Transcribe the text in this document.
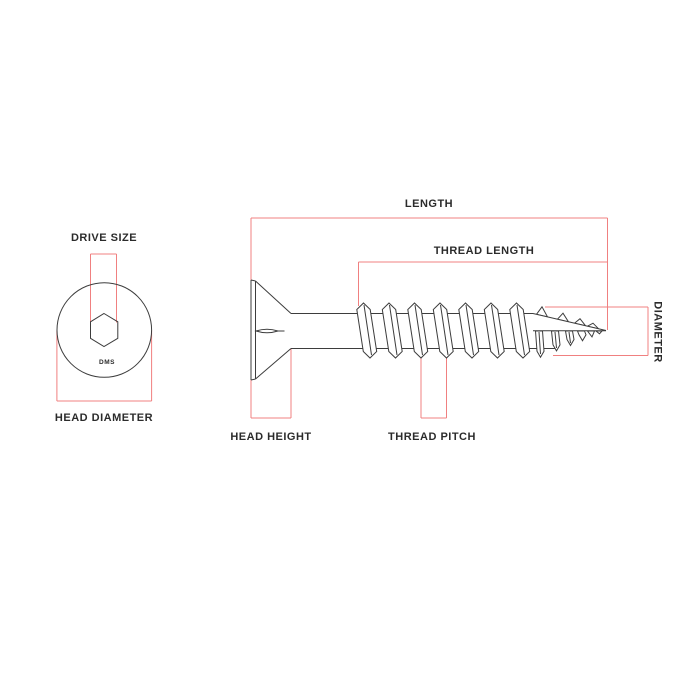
DRIVE SIZE
HEAD DIAMETER
DMS
LENGTH
THREAD LENGTH
DIAMETER
HEAD HEIGHT	THREAD PITCH
